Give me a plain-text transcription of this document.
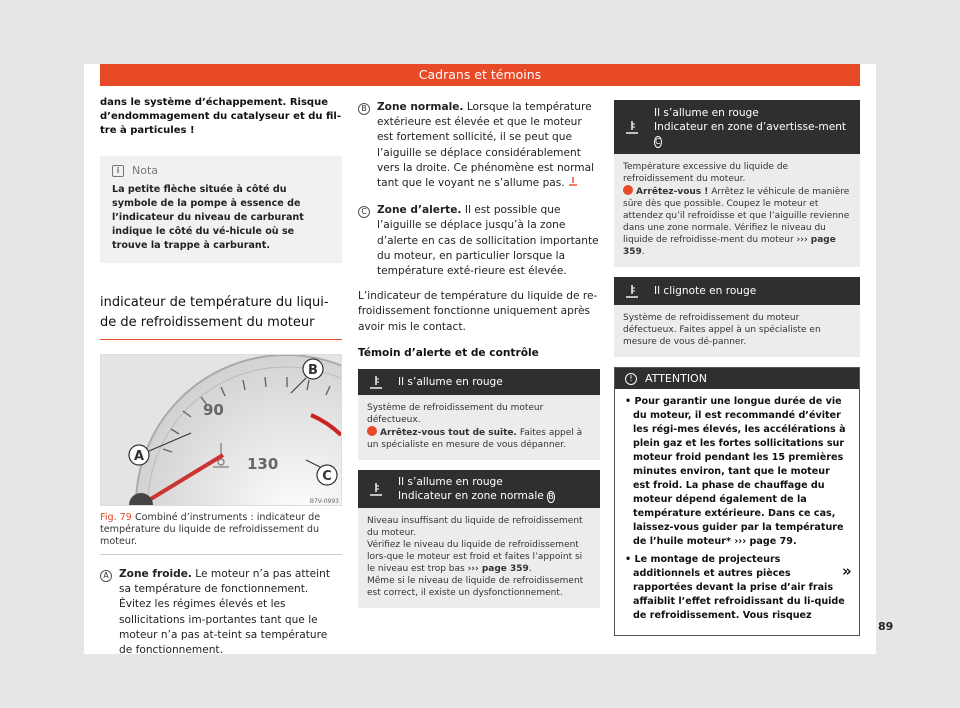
Cadrans et témoins
dans le système d’échappement. Risque d’endommagement du catalyseur et du fil-tre à particules !
i	Nota
La petite flèche située à côté du symbole de la pompe à essence de l’indicateur du niveau de carburant indique le côté du vé-hicule où se trouve la trappe à carburant.
indicateur de température du liqui-de de refroidissement du moteur
90
130
A
B
C
B7V-0993
Fig. 79 Combiné d’instruments : indicateur de température du liquide de refroidissement du moteur.
A Zone froide. Le moteur n’a pas atteint sa température de fonctionnement. Évitez les régimes élevés et les sollicitations im-portantes tant que le moteur n’a pas at-teint sa température de fonctionnement.
B Zone normale. Lorsque la température extérieure est élevée et que le moteur est fortement sollicité, il se peut que l’aiguille se déplace considérablement vers la droite. Ce phénomène est normal tant que le voyant ne s’allume pas.
C Zone d’alerte. Il est possible que l’aiguille se déplace jusqu’à la zone d’alerte en cas de sollicitation importante du moteur, en particulier lorsque la température exté-rieure est élevée.
L’indicateur de température du liquide de re-froidissement fonctionne uniquement après avoir mis le contact.
Témoin d’alerte et de contrôle
Il s’allume en rouge
Système de refroidissement du moteur défectueux.
Arrêtez-vous tout de suite. Faites appel à un spécialiste en mesure de vous dépanner.
Il s’allume en rouge
Indicateur en zone normale B
Niveau insuffisant du liquide de refroidissement du moteur.
Vérifiez le niveau du liquide de refroidissement lors-que le moteur est froid et faites l’appoint si le niveau est trop bas ››› page 359.
Même si le niveau de liquide de refroidissement est correct, il existe un dysfonctionnement.
Il s’allume en rouge
Indicateur en zone d’avertisse-ment C
Température excessive du liquide de refroidissement du moteur.
Arrêtez-vous ! Arrêtez le véhicule de manière sûre dès que possible. Coupez le moteur et attendez qu’il refroidisse et que l’aiguille revienne dans une zone normale. Vérifiez le niveau du liquide de refroidisse-ment du moteur ››› page 359.
Il clignote en rouge
Système de refroidissement du moteur défectueux. Faites appel à un spécialiste en mesure de vous dé-panner.
!	ATTENTION

• Pour garantir une longue durée de vie du moteur, il est recommandé d’éviter les régi-mes élevés, les accélérations à plein gaz et les fortes sollicitations sur moteur froid pendant les 15 premières minutes environ, tant que le moteur est froid. La phase de chauffage du moteur dépend également de la température extérieure. Dans ce cas, laissez-vous guider par la température de l’huile moteur* ››› page 79.

• Le montage de projecteurs additionnels et autres pièces rapportées devant la prise d’air frais affaiblit l’effet refroidissant du li-quide de refroidissement. Vous risquez

»
89
